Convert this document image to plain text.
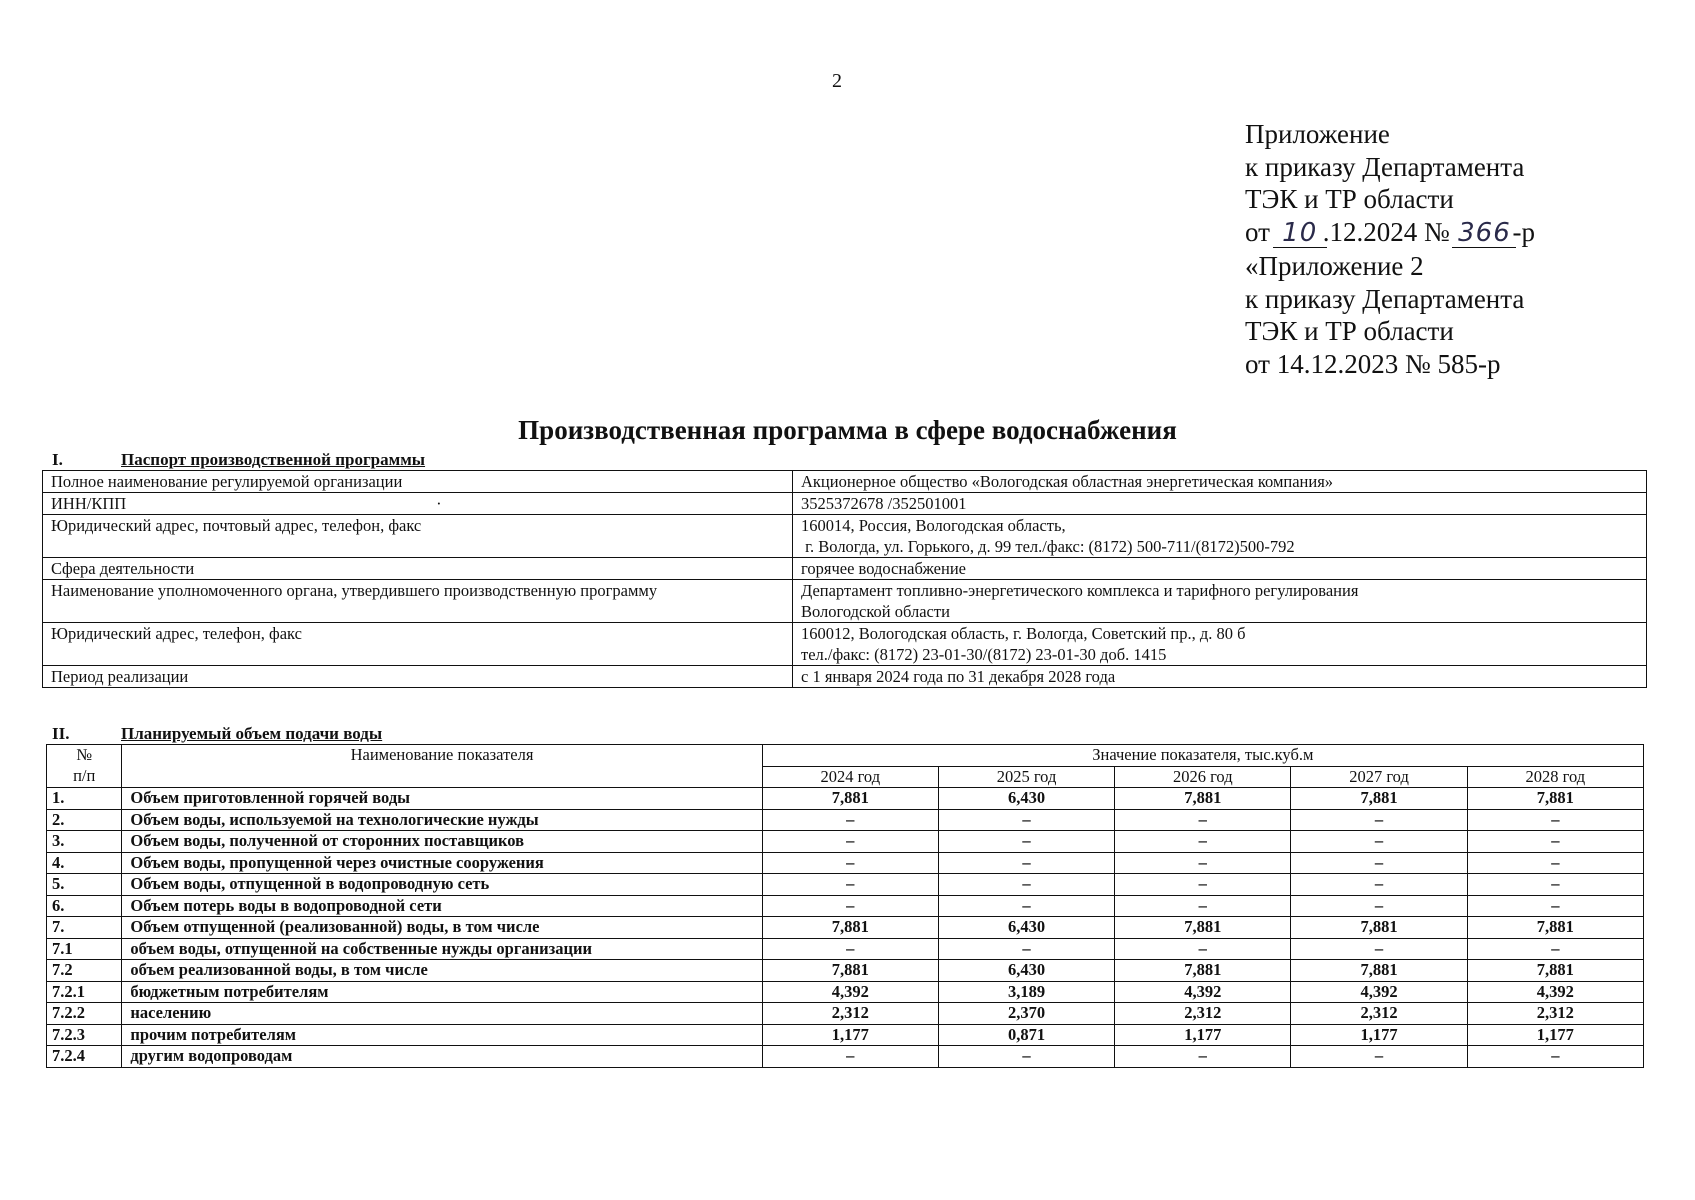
2
Приложение
к приказу Департамента
ТЭК и ТР области
от 10 .12.2024 № 366-р
«Приложение 2
к приказу Департамента
ТЭК и ТР области
от 14.12.2023 № 585-р
Производственная программа в сфере водоснабжения
I.	Паспорт производственной программы
Полное наименование регулируемой организации	Акционерное общество «Вологодская областная энергетическая компания»
ИНН/КПП ·	3525372678 /352501001
Юридический адрес, почтовый адрес, телефон, факс	160014, Россия, Вологодская область,
г. Вологда, ул. Горького, д. 99 тел./факс: (8172) 500-711/(8172)500-792

Сфера деятельности	горячее водоснабжение
Наименование уполномоченного органа, утвердившего производственную программу	Департамент топливно-энергетического комплекса и тарифного регулирования
Вологодской области

Юридический адрес, телефон, факс	160012, Вологодская область, г. Вологда, Советский пр., д. 80 б
тел./факс: (8172) 23-01-30/(8172) 23-01-30 доб. 1415

Период реализации	с 1 января 2024 года по 31 декабря 2028 года
II.	Планируемый объем подачи воды
№
п/п	Наименование показателя	Значение показателя, тыс.куб.м				
		2024 год	2025 год	2026 год	2027 год	2028 год
1.	Объем приготовленной горячей воды	7,881	6,430	7,881	7,881	7,881
2.	Объем воды, используемой на технологические нужды	–	–	–	–	–
3.	Объем воды, полученной от сторонних поставщиков	–	–	–	–	–
4.	Объем воды, пропущенной через очистные сооружения	–	–	–	–	–
5.	Объем воды, отпущенной в водопроводную сеть	–	–	–	–	–
6.	Объем потерь воды в водопроводной сети	–	–	–	–	–
7.	Объем отпущенной (реализованной) воды, в том числе	7,881	6,430	7,881	7,881	7,881
7.1	объем воды, отпущенной на собственные нужды организации	–	–	–	–	–
7.2	объем реализованной воды, в том числе	7,881	6,430	7,881	7,881	7,881
7.2.1	бюджетным потребителям	4,392	3,189	4,392	4,392	4,392
7.2.2	населению	2,312	2,370	2,312	2,312	2,312
7.2.3	прочим потребителям	1,177	0,871	1,177	1,177	1,177
7.2.4	другим водопроводам	–	–	–	–	–
